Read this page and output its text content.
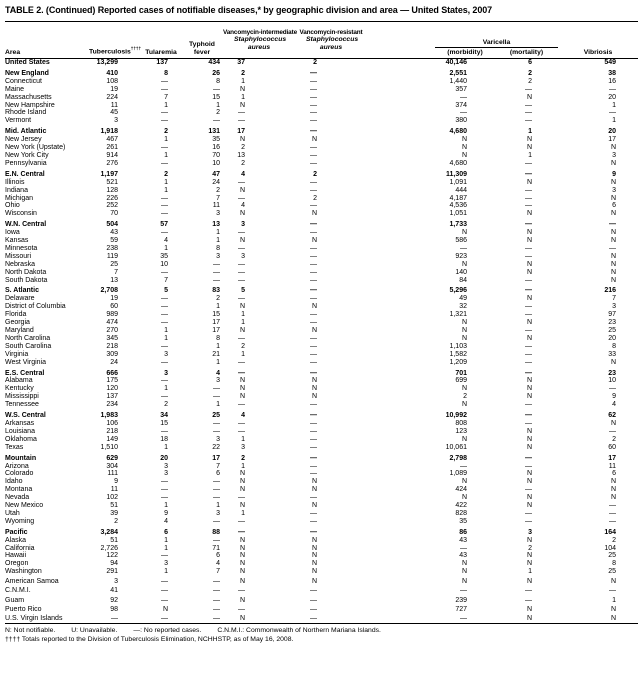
TABLE 2. (Continued) Reported cases of notifiable diseases,* by geographic division and area — United States, 2007
Area	Tuberculosis††††	Tularemia	Typhoid fever	Vancomycin-intermediate
Staphylococcus aureus	Vancomycin-resistant
Staphylococcus aureus		Varicella		Vibriosis
							(morbidity)	(mortality)	
United States	13,299	137	434	37	2		40,146	6	549
New England	410	8	26	2	—		2,551	2	38
Connecticut	108	—	8	1	—		1,440	2	16
Maine	19	—	—	N	—		357	—	—
Massachusetts	224	7	15	1	—		—	N	20
New Hampshire	11	1	1	N	—		374	—	1
Rhode Island	45	—	2	—	—		—	—	—
Vermont	3	—	—	—	—		380	—	1
Mid. Atlantic	1,918	2	131	17	—		4,680	1	20
New Jersey	467	1	35	N	N		N	N	17
New York (Upstate)	261	—	16	2	—		N	N	N
New York City	914	1	70	13	—		N	1	3
Pennsylvania	276	—	10	2	—		4,680	—	N
E.N. Central	1,197	2	47	4	2		11,309	—	9
Illinois	521	1	24	—	—		1,091	N	N
Indiana	128	1	2	N	—		444	—	3
Michigan	226	—	7	—	2		4,187	—	N
Ohio	252	—	11	4	—		4,536	—	6
Wisconsin	70	—	3	N	N		1,051	N	N
W.N. Central	504	57	13	3	—		1,733	—	—
Iowa	43	—	1	—	—		N	N	N
Kansas	59	4	1	N	N		586	N	N
Minnesota	238	1	8	—	—		—	—	—
Missouri	119	35	3	3	—		923	—	N
Nebraska	25	10	—	—	—		N	N	N
North Dakota	7	—	—	—	—		140	N	N
South Dakota	13	7	—	—	—		84	—	N
S. Atlantic	2,708	5	83	5	—		5,296	—	216
Delaware	19	—	2	—	—		49	N	7
District of Columbia	60	—	1	N	N		32	—	3
Florida	989	—	15	1	—		1,321	—	97
Georgia	474	—	17	1	—		N	N	23
Maryland	270	1	17	N	N		N	—	25
North Carolina	345	1	8	—	—		N	N	20
South Carolina	218	—	1	2	—		1,103	—	8
Virginia	309	3	21	1	—		1,582	—	33
West Virginia	24	—	1	—	—		1,209	—	N
E.S. Central	666	3	4	—	—		701	—	23
Alabama	175	—	3	N	N		699	N	10
Kentucky	120	1	—	N	N		N	N	—
Mississippi	137	—	—	N	N		2	N	9
Tennessee	234	2	1	—	—		N	—	4
W.S. Central	1,983	34	25	4	—		10,992	—	62
Arkansas	106	15	—	—	—		808	—	N
Louisiana	218	—	—	—	—		123	N	—
Oklahoma	149	18	3	1	—		N	N	2
Texas	1,510	1	22	3	—		10,061	N	60
Mountain	629	20	17	2	—		2,798	—	17
Arizona	304	3	7	1	—		—	—	11
Colorado	111	3	6	N	—		1,089	N	6
Idaho	9	—	—	N	N		N	N	N
Montana	11	—	—	N	N		424	—	N
Nevada	102	—	—	—	—		N	N	N
New Mexico	51	1	1	N	N		422	N	—
Utah	39	9	3	1	—		828	—	—
Wyoming	2	4	—	—	—		35	—	—
Pacific	3,284	6	88	—	—		86	3	164
Alaska	51	1	—	N	N		43	N	2
California	2,726	1	71	N	N		—	2	104
Hawaii	122	—	6	N	N		43	N	25
Oregon	94	3	4	N	N		N	N	8
Washington	291	1	7	N	N		N	1	25
American Samoa	3	—	—	N	N		N	N	N
C.N.M.I.	41	—	—	—	—		—	—	—
Guam	92	—	—	N	—		239	—	1
Puerto Rico	98	N	—	—	—		727	N	N
U.S. Virgin Islands	—	—	—	N	—		—	N	N
N: Not notifiable. U: Unavailable. —: No reported cases. C.N.M.I.: Commonwealth of Northern Mariana Islands.
†††† Totals reported to the Division of Tuberculosis Elimination, NCHHSTP, as of May 16, 2008.
